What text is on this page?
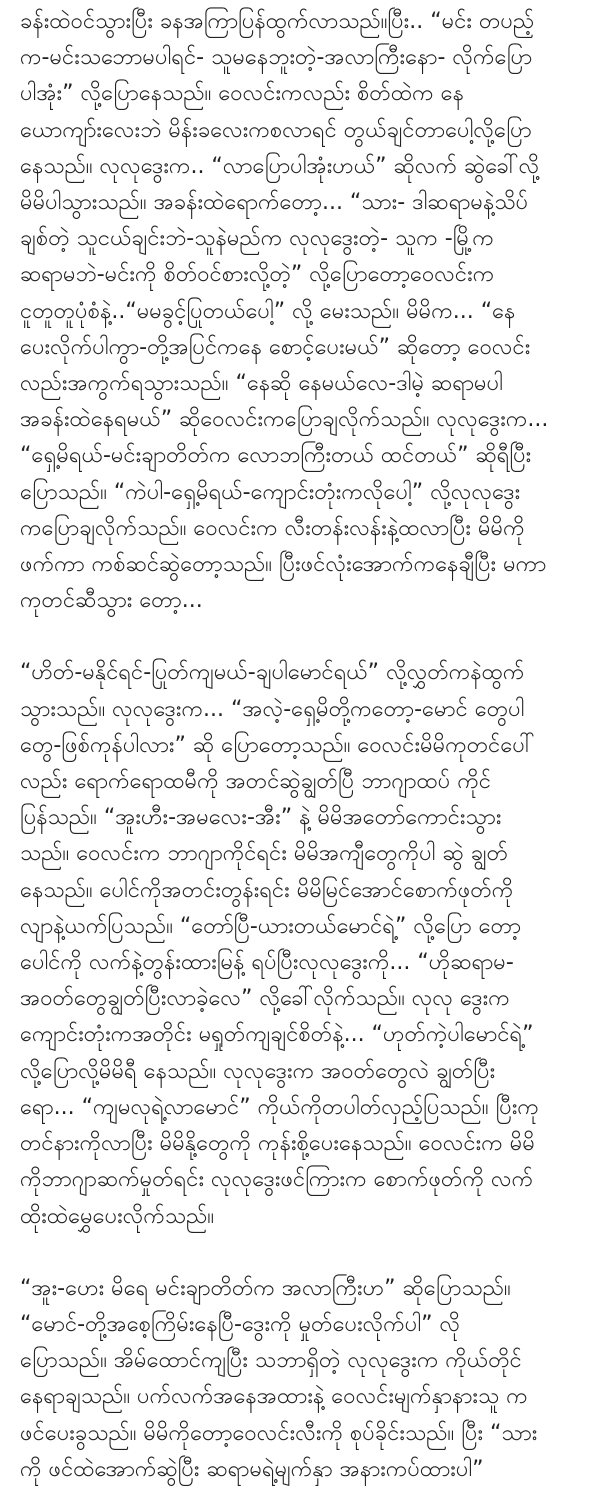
ခန်းထဲဝင်သွားပြီး ခနအကြာပြန်ထွက်လာသည်။ပြီး.. “မင်း တပည့်
က-မင်းသဘောမပါရင်- သူမနေဘူးတဲ့-အလာကြီးနော- လိုက်ပြော
ပါအုံး” လို့ပြောနေသည်။ ဝေလင်းကလည်း စိတ်ထဲက နေ
ယောကျာ်းလေးဘဲ မိန်းခလေးကစလာရင် တွယ်ချင်တာပေါ့လို့ပြော
နေသည်။ လုလုဒွေးက.. “လာပြောပါအုံးဟယ်” ဆိုလက် ဆွဲခေါ်လို့
မိမိပါသွားသည်။ အခန်းထဲရောက်တော့... “သား- ဒါဆရာမနဲ့သိပ်
ချစ်တဲ့ သူငယ်ချင်းဘဲ-သူနဲမည်က လုလုဒွေးတဲ့- သူက -မြို့က
ဆရာမဘဲ-မင်းကို စိတ်ဝင်စားလို့တဲ့” လို့ပြောတော့ဝေလင်းက
ငူတူတူပုံစံနဲ့..“မမခွင့်ပြုတယ်ပေါ့” လို့ မေးသည်။ မိမိက... “နေ
ပေးလိုက်ပါကွာ-တို့အပြင်ကနေ စောင့်ပေးမယ်” ဆိုတော့ ဝေလင်း
လည်းအကွက်ရသွားသည်။ “နေဆို နေမယ်လေ-ဒါမဲ့ ဆရာမပါ
အခန်းထဲနေရမယ်” ဆိုဝေလင်းကပြောချလိုက်သည်။ လုလုဒွေးက...
“ရှေ့မိရယ်-မင်းချာတိတ်က လောဘကြီးတယ် ထင်တယ်” ဆိုရီပြီး
ပြောသည်။ “ကဲပါ-ရှေ့မိရယ်-ကျောင်းတုံးကလိုပေါ့” လို့လုလုဒွေး
ကပြောချလိုက်သည်။ ဝေလင်းက လီးတန်းလန်းနဲ့ထလာပြီး မိမိကို
ဖက်ကာ ကစ်ဆင်ဆွဲတော့သည်။ ပြီးဖင်လုံးအောက်ကနေချီပြီး မကာ
ကုတင်ဆီသွား တော့...

“ဟိတ်-မနိုင်ရင်-ပြုတ်ကျမယ်-ချပါမောင်ရယ်” လို့လွှတ်ကနဲထွက်
သွားသည်။ လုလုဒွေးက... “အလဲ့-ရှေ့မိတို့ကတော့-မောင် တွေပါ
တွေ-ဖြစ်ကုန်ပါလား” ဆို ပြောတော့သည်။ ဝေလင်းမိမိကုတင်ပေါ်
လည်း ရောက်ရောထမီကို အတင်ဆွဲချွတ်ပြီ ဘာဂျာထပ် ကိုင်
ပြန်သည်။ “အူးဟီး-အမလေး-အီး” နဲ့ မိမိအတော်ကောင်းသွား
သည်။ ဝေလင်းက ဘာဂျာကိုင်ရင်း မိမိအကျီတွေကိုပါ ဆွဲ ချွတ်
နေသည်။ ပေါင်ကိုအတင်းတွန်းရင်း မိမိမြင်အောင်စောက်ဖုတ်ကို
လျာနဲ့ယက်ပြသည်။ “တော်ပြီ-ယားတယ်မောင်ရဲ့” လို့ပြော တော့
ပေါင်ကို လက်နဲ့တွန်းထားမြန့် ရပ်ပြီးလုလုဒွေးကို... “ဟိုဆရာမ-
အဝတ်တွေချွတ်ပြီးလာခဲ့လေ” လို့ခေါ်လိုက်သည်။ လုလု ဒွေးက
ကျောင်းတုံးကအတိုင်း မရှုတ်ကျချင်စိတ်နဲ့... “ဟုတ်ကဲ့ပါမောင်ရဲ့”
လို့ပြောလို့မိမိရီ နေသည်။ လုလုဒွေးက အဝတ်တွေလဲ ချွတ်ပြီး
ရော... “ကျမလုရဲ့လာမောင်” ကိုယ်ကိုတပါတ်လှည့်ပြသည်။ ပြီးကု
တင်နားကိုလာပြီး မိမိနို့တွေကို ကုန်းစို့ပေးနေသည်။ ဝေလင်းက မိမိ
ကိုဘာဂျာဆက်မှုတ်ရင်း လုလုဒွေးဖင်ကြားက စောက်ဖုတ်ကို လက်
ထိုးထဲမွှေပေးလိုက်သည်။

“အူး-ဟေး မိရေ မင်းချာတိတ်က အလာကြီးဟ” ဆိုပြောသည်။
“မောင်-တို့အစေ့ကြိမ်းနေပြီ-ဒွေးကို မှုတ်ပေးလိုက်ပါ” လို
ပြောသည်။ အိမ်ထောင်ကျပြီး သဘာရှိတဲ့ လုလုဒွေးက ကိုယ်တိုင်
နေရာချသည်။ ပက်လက်အနေအထားနဲ့ ဝေလင်းမျက်နှာနားသူ က
ဖင်ပေးခွသည်။ မိမိကိုတော့ဝေလင်းလီးကို စုပ်ခိုင်းသည်။ ပြီး “သား
ကို ဖင်ထဲအောက်ဆွဲပြီး ဆရာမရဲ့မျက်နှာ အနားကပ်ထားပါ”
